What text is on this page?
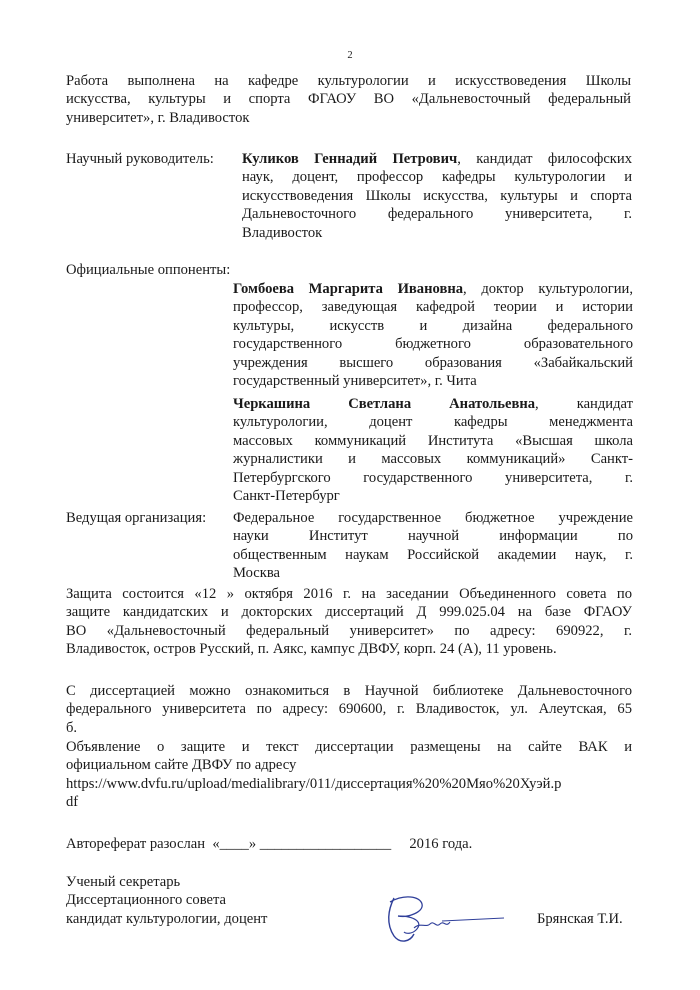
2

Работа выполнена на кафедре культурологии и искусствоведения Школы

искусства, культуры и спорта ФГАОУ ВО «Дальневосточный федеральный

университет», г. Владивосток

Научный руководитель: Куликов Геннадий Петрович, кандидат философских

наук, доцент, профессор кафедры культурологии и

искусствоведения Школы искусства, культуры и спорта

Дальневосточного федерального университета, г.

Владивосток

Официальные оппоненты:

Гомбоева Маргарита Ивановна, доктор культурологии,

профессор, заведующая кафедрой теории и истории

культуры, искусств и дизайна федерального

государственного бюджетного образовательного

учреждения высшего образования «Забайкальский

государственный университет», г. Чита

Черкашина Светлана Анатольевна, кандидат

культурологии, доцент кафедры менеджмента

массовых коммуникаций Института «Высшая школа

журналистики и массовых коммуникаций» Санкт-

Петербургского государственного университета, г.

Санкт-Петербург

Ведущая организация: Федеральное государственное бюджетное учреждение

науки Институт научной информации по

общественным наукам Российской академии наук, г.

Москва

Защита состоится «12 » октября 2016 г. на заседании Объединенного совета по

защите кандидатских и докторских диссертаций Д 999.025.04 на базе ФГАОУ

ВО «Дальневосточный федеральный университет» по адресу: 690922, г.

Владивосток, остров Русский, п. Аякс, кампус ДВФУ, корп. 24 (А), 11 уровень.

С диссертацией можно ознакомиться в Научной библиотеке Дальневосточного

федерального университета по адресу: 690600, г. Владивосток, ул. Алеутская, 65

б.

Объявление о защите и текст диссертации размещены на сайте ВАК и

официальном сайте ДВФУ по адресу

https://www.dvfu.ru/upload/medialibrary/011/диссертация%20%20Мяо%20Хуэй.р

df

Автореферат разослан  «____» __________________ 2016 года.

Ученый секретарь

Диссертационного совета

кандидат культурологии, доцент	Брянская Т.И.
